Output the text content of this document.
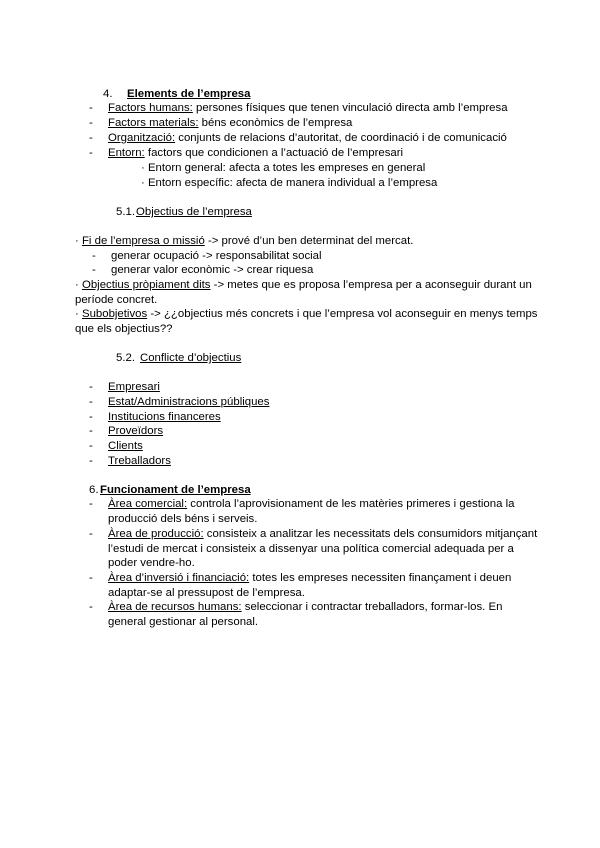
4. Elements de l’empresa
- Factors humans: persones físiques que tenen vinculació directa amb l’empresa
- Factors materials: béns econòmics de l’empresa
- Organització: conjunts de relacions d’autoritat, de coordinació i de comunicació
- Entorn: factors que condicionen a l’actuació de l’empresari
· Entorn general: afecta a totes les empreses en general
· Entorn específic: afecta de manera individual a l’empresa
5.1. Objectius de l’empresa
· Fi de l’empresa o missió -> prové d’un ben determinat del mercat.
- generar ocupació -> responsabilitat social
- generar valor econòmic -> crear riquesa
· Objectius pròpiament dits -> metes que es proposa l’empresa per a aconseguir durant un
període concret.
· Subobjetivos -> ¿¿objectius més concrets i que l’empresa vol aconseguir en menys temps
que els objectius??
5.2. Conflicte d’objectius
- Empresari
- Estat/Administracions públiques
- Institucions financeres
- Proveïdors
- Clients
- Treballadors
6. Funcionament de l’empresa
- Àrea comercial: controla l’aprovisionament de les matèries primeres i gestiona la
producció dels béns i serveis.
- Àrea de producció: consisteix a analitzar les necessitats dels consumidors mitjançant
l’estudi de mercat i consisteix a dissenyar una política comercial adequada per a
poder vendre-ho.
- Àrea d’inversió i financiació: totes les empreses necessiten finançament i deuen
adaptar-se al pressupost de l’empresa.
- Àrea de recursos humans: seleccionar i contractar treballadors, formar-los. En
general gestionar al personal.
